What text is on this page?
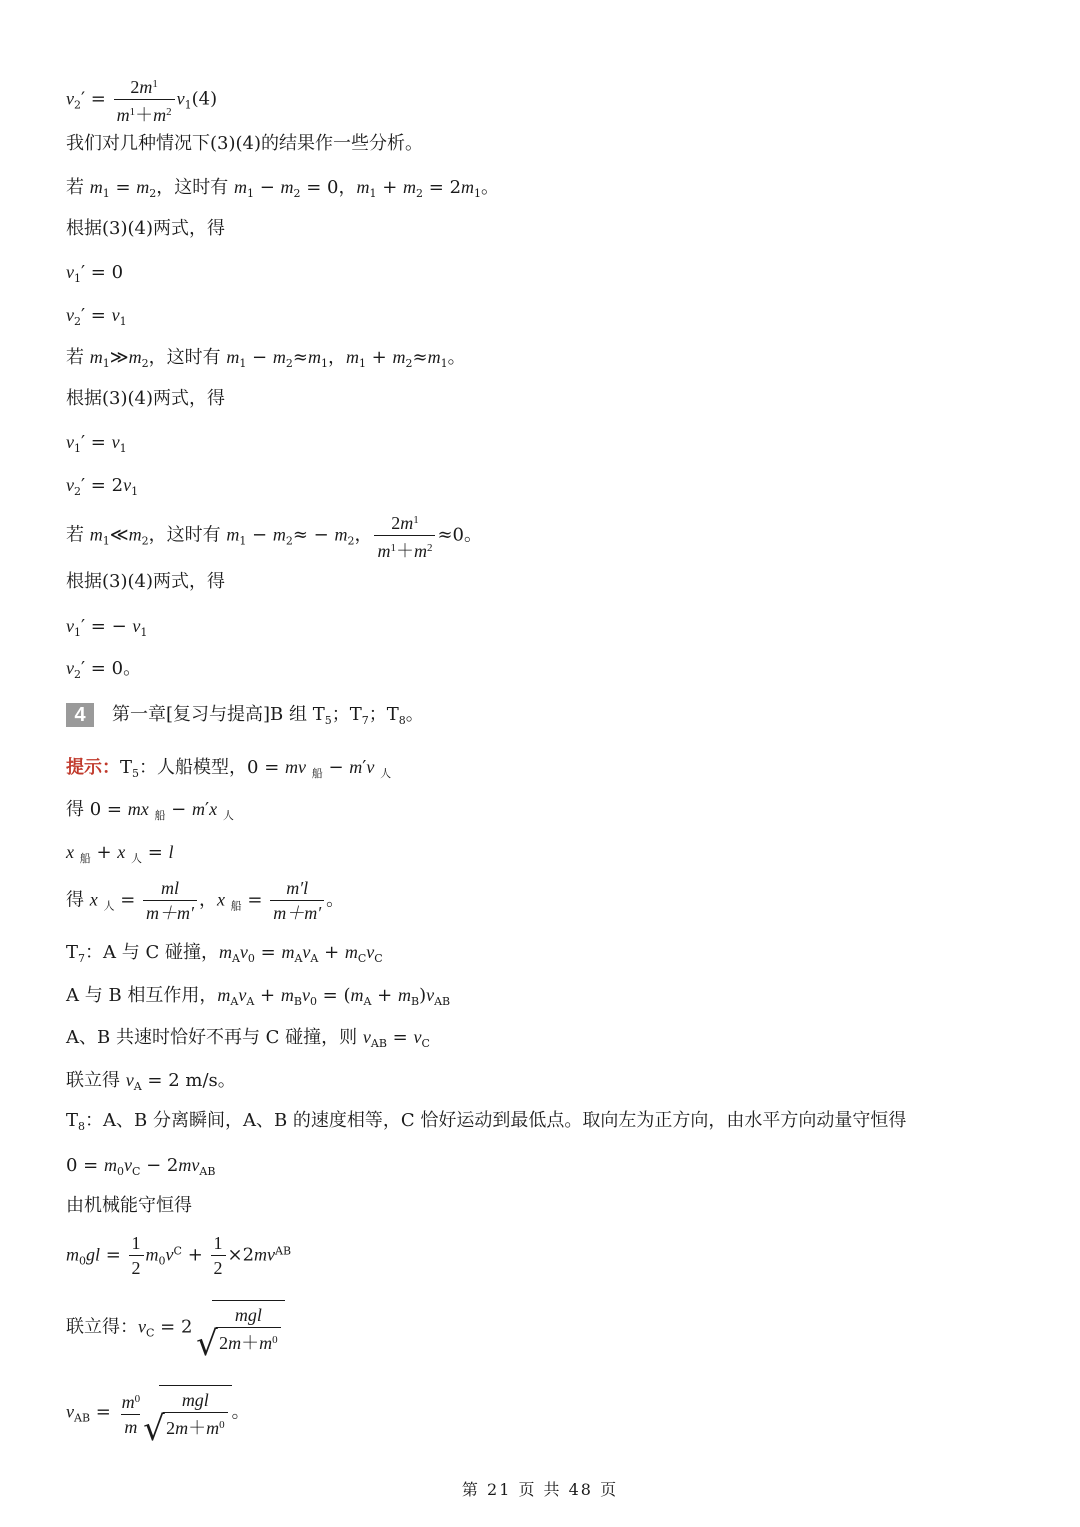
$v_2' = \frac{2m^1}{m^1+m^2} v_1(4)$
我们对几种情况下(3)(4)的结果作一些分析。
若 $m_1 = m_2$，这时有 $m_1 - m_2 = 0$，$m_1 + m_2 = 2m_1$。
根据(3)(4)两式，得
$v_1' = 0$
$v_2' = v_1$
若 $m_1≫m_2$，这时有 $m_1 - m_2\approx m_1$，$m_1 + m_2\approx m_1$。
根据(3)(4)两式，得
$v_1' = v_1$
$v_2' = 2v_1$
若 $m_1≪m_2$，这时有 $m_1 - m_2\approx - m_2$， $\frac{2m^1}{m^1+m^2} \approx 0$。
根据(3)(4)两式，得
$v_1'$ = − $v_1$
$v_2' = 0$。
4 第一章[复习与提高]B 组 $T_5$；$T_7$；$T_8$。
提示：$T_5$：人船模型，0 = mv $_船$ − m′v $_人$
得 0 = mx $_船$ − m′x $_人$
x $_船$ + x $_人$ = l
得 x $_人 = \frac{ml}{m+m'}$ ，x $_船 = \frac{m'l}{m+m'}$ 。
$T_7$：A 与 C 碰撞，$m_Av_0 = m_Av_A + m_Cv_C$
A 与 B 相互作用，$m_Av_A + m_Bv_0 = (m_A + m_B)v_{AB}$
A、B 共速时恰好不再与 C 碰撞，则 $v_{AB} = v_C$
联立得 $v_A = 2$ m/s。
$T_8$：A、B 分离瞬间，A、B 的速度相等，C 恰好运动到最低点。取向左为正方向，由水平方向动量守恒得
$0 = m_0v_C - 2mv_{AB}$
由机械能守恒得
$m_0gl = \frac{1}{2} m_0v^C + \frac{1}{2} \times 2mv^{AB}$
联立得：$v_C = 2$
√
$\frac{\text{mgl}}{2m+m^0}$
$v_{AB} = \frac{m^0}{m}$ √
$\frac{\text{mgl}}{2m+m^0}$ 。
第 21 页 共 48 页
